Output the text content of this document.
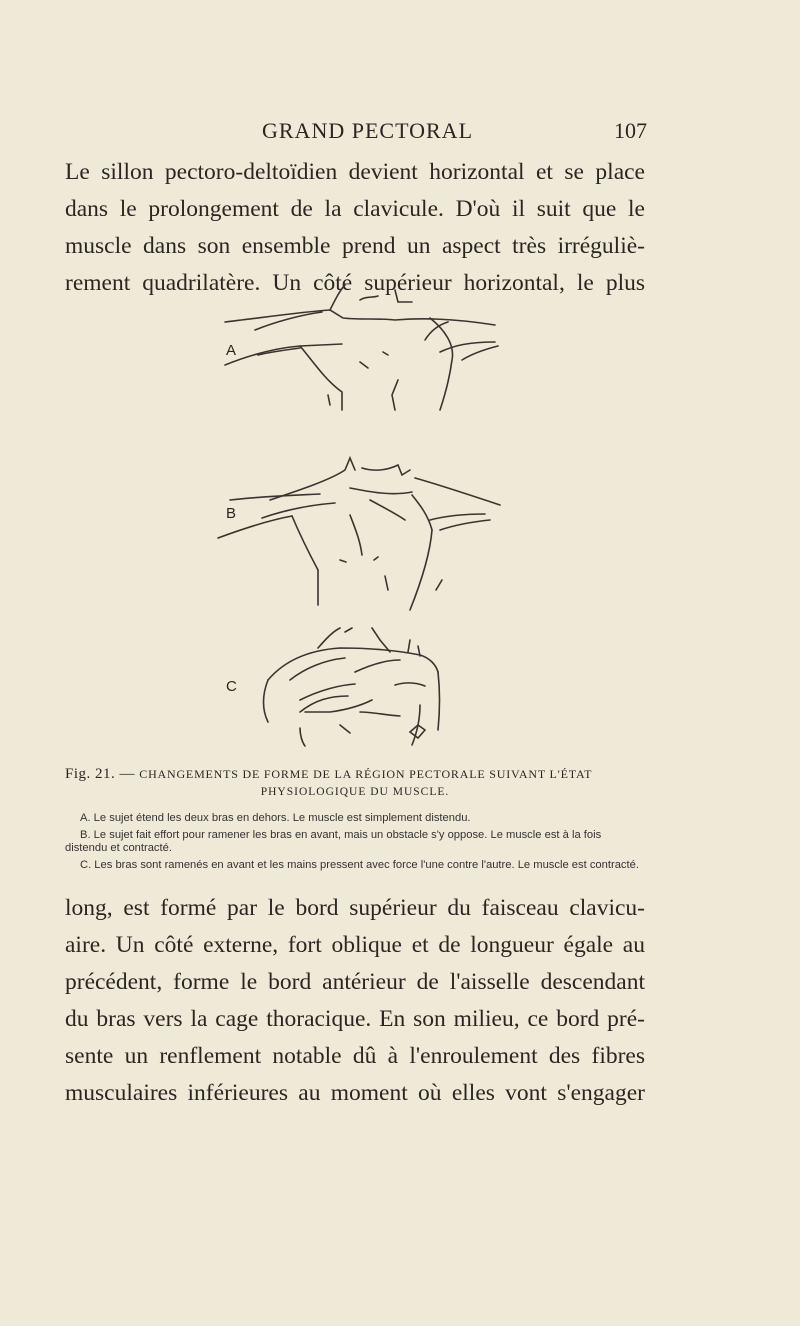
GRAND PECTORAL	107
Le sillon pectoro-deltoïdien devient horizontal et se place
dans le prolongement de la clavicule. D'où il suit que le
muscle dans son ensemble prend un aspect très irréguliè-
rement quadrilatère. Un côté supérieur horizontal, le plus
A
B
C
Fig. 21. — CHANGEMENTS DE FORME DE LA RÉGION PECTORALE SUIVANT L'ÉTAT
PHYSIOLOGIQUE DU MUSCLE.

A. Le sujet étend les deux bras en dehors. Le muscle est simplement distendu.

B. Le sujet fait effort pour ramener les bras en avant, mais un obstacle s'y oppose. Le muscle est à la fois distendu et contracté.

C. Les bras sont ramenés en avant et les mains pressent avec force l'une contre l'autre. Le muscle est contracté.

long, est formé par le bord supérieur du faisceau clavicu-
aire. Un côté externe, fort oblique et de longueur égale au
précédent, forme le bord antérieur de l'aisselle descendant
du bras vers la cage thoracique. En son milieu, ce bord pré-
sente un renflement notable dû à l'enroulement des fibres
musculaires inférieures au moment où elles vont s'engager
